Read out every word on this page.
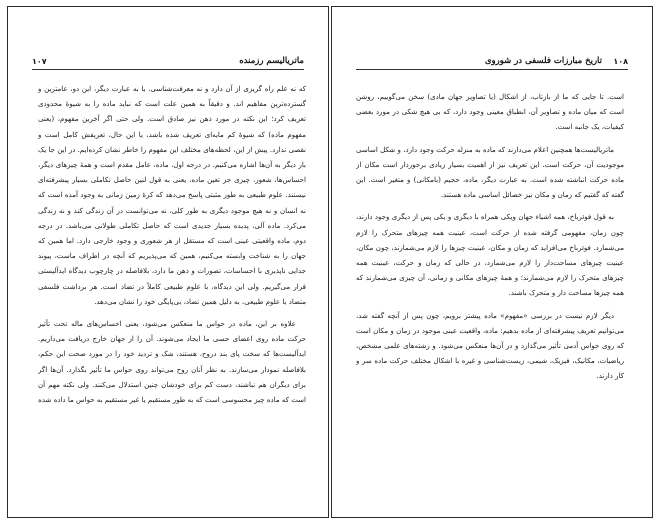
ماتریالیسم رزمنده
۱۰۷

که نه علم راه گریزی از آن دارد و نه معرفت‌شناسی. یا به عبارت دیگر، این دو، عامترین و گسترده‌ترین مفاهیم اند. و دقیقاً به همین علت است که نباید ماده را به شیوهٔ محدودی تعریف کرد؛ این نکته در مورد ذهن نیز صادق است. ولی حتی اگر آخرین مفهوم، (یعنی مفهوم ماده) که شیوهٔ کم مایه‌ای تعریف شده باشد، یا این حال، تعریفش کامل است و نقصی ندارد. پیش از این، لحظه‌های مختلف این مفهوم را خاطر نشان کرده‌ایم. در این جا یک بار دیگر به آن‌ها اشاره می‌کنیم. در درجه اول، ماده، عامل مقدم است و همهٔ چیزهای دیگر، احساس‌ها، شعور، چیزی جز تعین ماده، یعنی به قول لنین حاصل تکاملی بسیار پیشرفته‌ای نیستند. علوم طبیعی به طور مثبتی پاسخ می‌دهد که کرهٔ زمین زمانی به وجود آمده است که نه انسان و نه هیچ موجود دیگری به طور کلی، نه می‌توانست در آن زندگی کند و نه زندگی می‌کرد. ماده آلی، پدیده بسیار جدیدی است که حاصل تکاملی طولانی می‌باشد. در درجه دوم، ماده واقعیتی عینی است که مستقل از هر شعوری و وجود خارجی دارد. اما همین که جهان را به شناخت وابسته می‌کنیم، همین که می‌پذیریم که آنچه در اطراف ماست، پیوند جدایی ناپذیری با احساسات، تصورات و ذهن ما دارد، بلافاصله در چارچوب دیدگاه ایدآلیستی قرار می‌گیریم. ولی این دیدگاه، با علوم طبیعی کاملاً در تضاد است. هر برداشت فلسفی متضاد با علوم طبیعی، به دلیل همین تضاد، بی‌پایگی خود را نشان می‌دهد.

علاوه بر این، ماده در حواس ما منعکس می‌شود، یعنی احساس‌های ماله تحت تأثیر حرکت ماده روی اعضای حسی ما ایجاد می‌شوند. آن را از جهان خارج دریافت می‌داریم. ایدآلیست‌ها که سخت پای بند دروح، هستند، شک و تردید خود را در مورد صحت این حکم، بلافاصله نمودار می‌سازند. به نظر آنان روح می‌تواند روی حواس ما تأثیر بگذارد. آن‌ها اگر برای دیگران هم نباشند، دست کم برای خودشان چنین استدلال می‌کنند. ولی نکته مهم آن است که ماده چیز محسوسی است که به طور مستقیم یا غیر مستقیم به حواس ما داده شده

۱۰۸
تاریخ مبارزات فلسفی در شوروی

است. تا جایی که ما از بازتاب، از اشکال (یا تصاویر جهان مادی) سخن می‌گوییم، روشن است که میان ماده و تصاویر آن، انطباق معینی وجود دارد، که بی هیچ شکی در مورد بعضی کیفیات، یک جانبه است.

ماتریالیست‌ها همچنین اعلام می‌دارند که ماده به منزله حرکت وجود دارد، و شکل اساسی موجودیت آن، حرکت است. این تعریف نیز از اهمیت بسیار زیادی برخوردار است مکان از ماده حرکت انباشته شده است. به عبارت دیگر، ماده، حجیم (بامکانی) و متغیر است. این گفته که گفتیم که زمان و مکان نیز خصائل اساسی ماده هستند.

به قول فوئرباخ، همه اشیاء جهان ویکی همراه با دیگری و یکی پس از دیگری وجود دارند، چون زمان، مفهومی گرفته شده از حرکت است، عینیت همه چیزهای متحرک را لازم می‌شمارد. فوئرباخ می‌افزاید که زمان و مکان، عینیت چیزها را لازم می‌شمارند، چون مکان، عینیت چیزهای مساحت‌دار را لازم می‌شمارد، در حالی که زمان و حرکت، عینیت همه چیزهای متحرک را لازم می‌شمارند؛ و همهٔ چیزهای مکانی و زمانی، آن چیزی می‌شمارند که همه چیزها مساحت دار و متحرک باشند.

دیگر لازم نیست در بررسی «مفهوم» ماده پیشتر برویم، چون پس از آنچه گفته شد، می‌توانیم تعریف پیشرفته‌ای از ماده بدهیم: ماده، واقعیت عینی موجود در زمان و مکان است که روی حواس آدمی تأثیر می‌گذارد و در آن‌ها منعکس می‌شود. و رشته‌های علمی مشخص، ریاضیات، مکانیک، فیزیک، شیمی، زیست‌شناسی و غیره با اشکال مختلف حرکت ماده سر و کار دارند.
